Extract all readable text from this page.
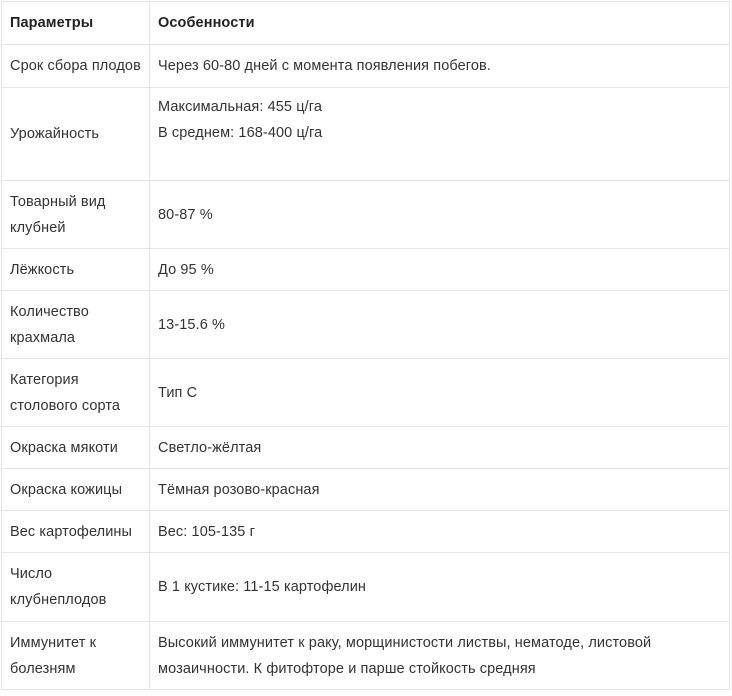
Параметры	Особенности
Срок сбора плодов	Через 60-80 дней с момента появления побегов.
Урожайность	Максимальная: 455 ц/га
В среднем: 168-400 ц/га

Товарный вид
клубней	80-87 %
Лёжкость	До 95 %

Количество
крахмала	13-15.6 %

Категория
столового сорта	Тип С
Окраска мякоти	Светло-жёлтая
Окраска кожицы	Тёмная розово-красная
Вес картофелины	Вес: 105-135 г

Число
клубнеплодов	В 1 кустике: 11-15 картофелин

Иммунитет к
болезням	Высокий иммунитет к раку, морщинистости листвы, нематоде, листовой
мозаичности. К фитофторе и парше стойкость средняя
